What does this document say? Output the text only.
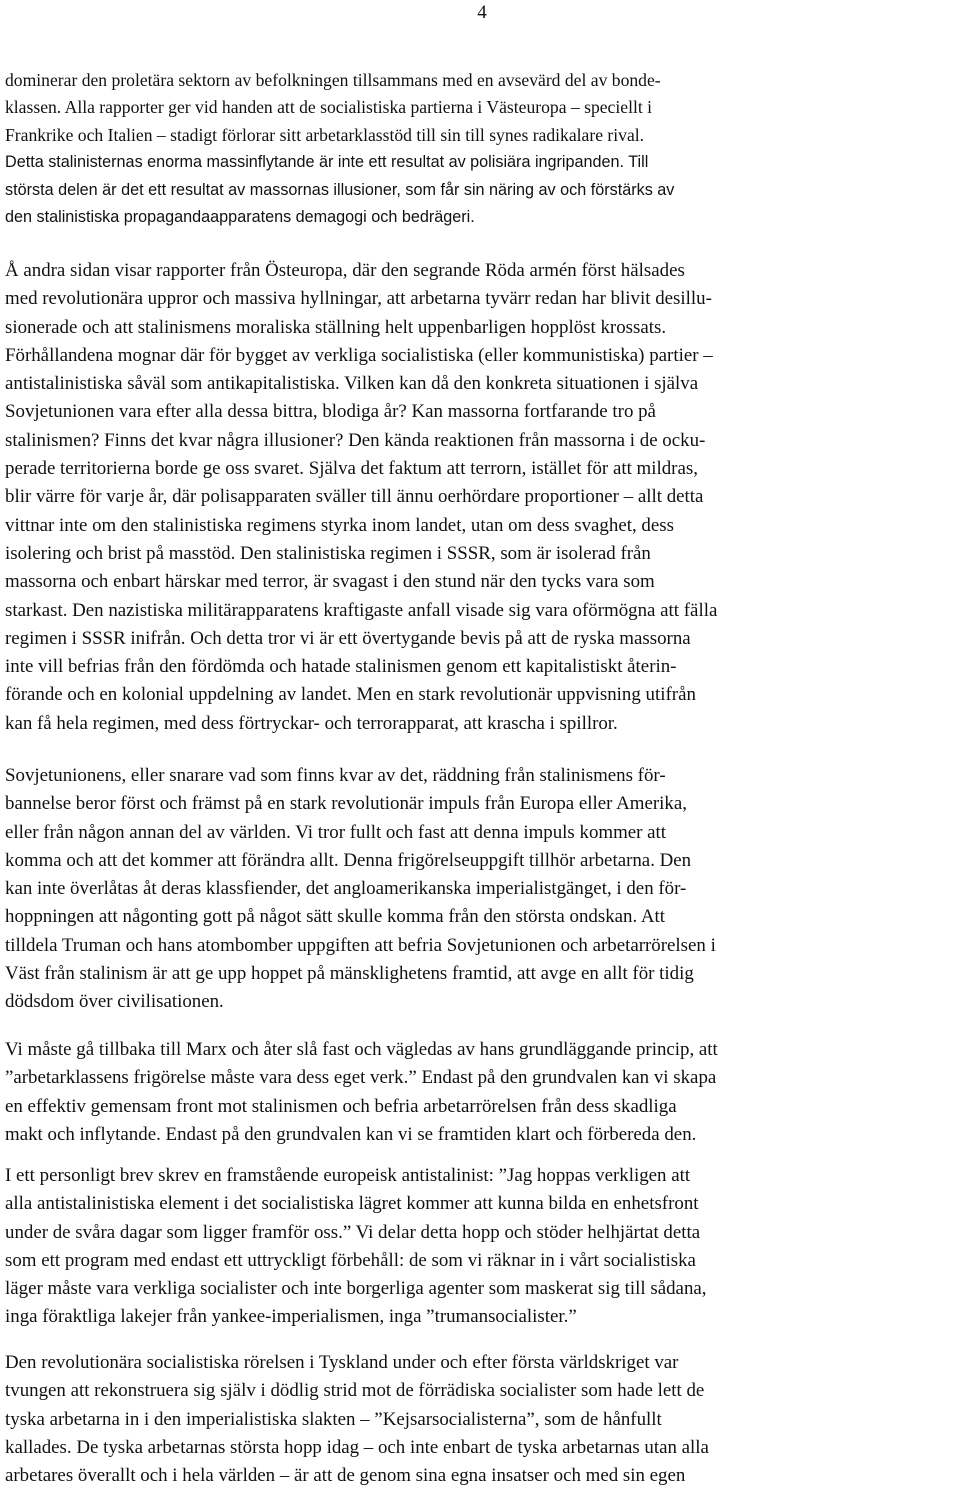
4

dominerar den proletära sektorn av befolkningen tillsammans med en avsevärd del av bonde-
klassen. Alla rapporter ger vid handen att de socialistiska partierna i Västeuropa – speciellt i
Frankrike och Italien – stadigt förlorar sitt arbetarklasstöd till sin till synes radikalare rival.
Detta stalinisternas enorma massinflytande är inte ett resultat av polisiära ingripanden. Till
största delen är det ett resultat av massornas illusioner, som får sin näring av och förstärks av
den stalinistiska propagandaapparatens demagogi och bedrägeri.

Å andra sidan visar rapporter från Östeuropa, där den segrande Röda armén först hälsades
med revolutionära uppror och massiva hyllningar, att arbetarna tyvärr redan har blivit desillu-
sionerade och att stalinismens moraliska ställning helt uppenbarligen hopplöst krossats.
Förhållandena mognar där för bygget av verkliga socialistiska (eller kommunistiska) partier –
antistalinistiska såväl som antikapitalistiska. Vilken kan då den konkreta situationen i själva
Sovjetunionen vara efter alla dessa bittra, blodiga år? Kan massorna fortfarande tro på
stalinismen? Finns det kvar några illusioner? Den kända reaktionen från massorna i de ocku-
perade territorierna borde ge oss svaret. Själva det faktum att terrorn, istället för att mildras,
blir värre för varje år, där polisapparaten sväller till ännu oerhördare proportioner – allt detta
vittnar inte om den stalinistiska regimens styrka inom landet, utan om dess svaghet, dess
isolering och brist på masstöd. Den stalinistiska regimen i SSSR, som är isolerad från
massorna och enbart härskar med terror, är svagast i den stund när den tycks vara som
starkast. Den nazistiska militärapparatens kraftigaste anfall visade sig vara oförmögna att fälla
regimen i SSSR inifrån. Och detta tror vi är ett övertygande bevis på att de ryska massorna
inte vill befrias från den fördömda och hatade stalinismen genom ett kapitalistiskt återin-
förande och en kolonial uppdelning av landet. Men en stark revolutionär uppvisning utifrån
kan få hela regimen, med dess förtryckar- och terrorapparat, att krascha i spillror.

Sovjetunionens, eller snarare vad som finns kvar av det, räddning från stalinismens för-
bannelse beror först och främst på en stark revolutionär impuls från Europa eller Amerika,
eller från någon annan del av världen. Vi tror fullt och fast att denna impuls kommer att
komma och att det kommer att förändra allt. Denna frigörelseuppgift tillhör arbetarna. Den
kan inte överlåtas åt deras klassfiender, det angloamerikanska imperialistgänget, i den för-
hoppningen att någonting gott på något sätt skulle komma från den största ondskan. Att
tilldela Truman och hans atombomber uppgiften att befria Sovjetunionen och arbetarrörelsen i
Väst från stalinism är att ge upp hoppet på mänsklighetens framtid, att avge en allt för tidig
dödsdom över civilisationen.

Vi måste gå tillbaka till Marx och åter slå fast och vägledas av hans grundläggande princip, att
”arbetarklassens frigörelse måste vara dess eget verk.” Endast på den grundvalen kan vi skapa
en effektiv gemensam front mot stalinismen och befria arbetarrörelsen från dess skadliga
makt och inflytande. Endast på den grundvalen kan vi se framtiden klart och förbereda den.

I ett personligt brev skrev en framstående europeisk antistalinist: ”Jag hoppas verkligen att
alla antistalinistiska element i det socialistiska lägret kommer att kunna bilda en enhetsfront
under de svåra dagar som ligger framför oss.” Vi delar detta hopp och stöder helhjärtat detta
som ett program med endast ett uttryckligt förbehåll: de som vi räknar in i vårt socialistiska
läger måste vara verkliga socialister och inte borgerliga agenter som maskerat sig till sådana,
inga föraktliga lakejer från yankee-imperialismen, inga ”trumansocialister.”

Den revolutionära socialistiska rörelsen i Tyskland under och efter första världskriget var
tvungen att rekonstruera sig själv i dödlig strid mot de förrädiska socialister som hade lett de
tyska arbetarna in i den imperialistiska slakten – ”Kejsarsocialisterna”, som de hånfullt
kallades. De tyska arbetarnas största hopp idag – och inte enbart de tyska arbetarnas utan alla
arbetares överallt och i hela världen – är att de genom sina egna insatser och med sin egen
